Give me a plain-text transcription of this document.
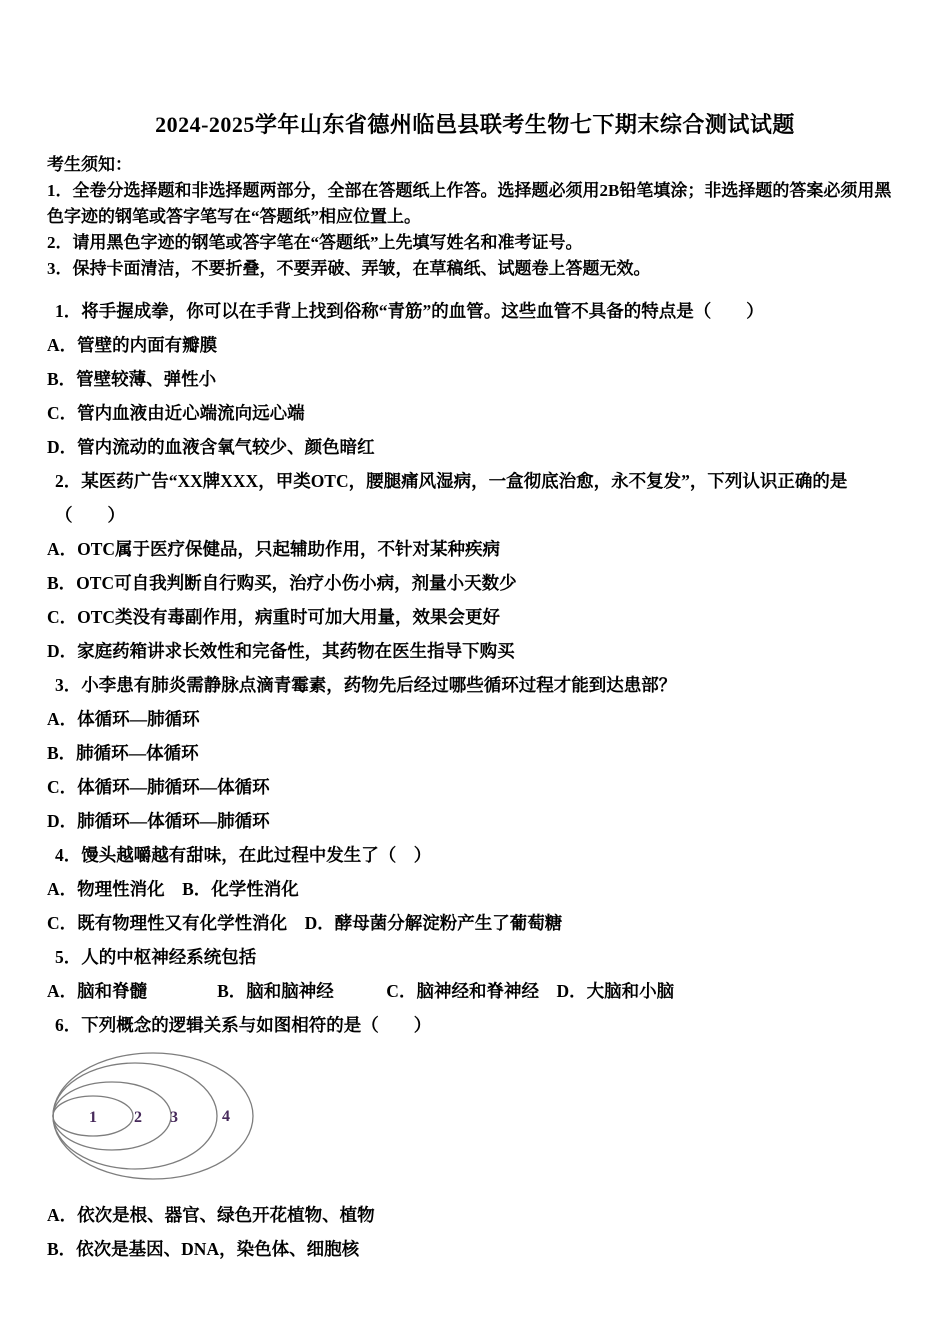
2024-2025学年山东省德州临邑县联考生物七下期末综合测试试题
考生须知：
1．全卷分选择题和非选择题两部分，全部在答题纸上作答。选择题必须用2B铅笔填涂；非选择题的答案必须用黑色字迹的钢笔或答字笔写在“答题纸”相应位置上。
2．请用黑色字迹的钢笔或答字笔在“答题纸”上先填写姓名和准考证号。
3．保持卡面清洁，不要折叠，不要弄破、弄皱，在草稿纸、试题卷上答题无效。
1．将手握成拳，你可以在手背上找到俗称“青筋”的血管。这些血管不具备的特点是（　　）
A．管壁的内面有瓣膜
B．管壁较薄、弹性小
C．管内血液由近心端流向远心端
D．管内流动的血液含氧气较少、颜色暗红
2．某医药广告“XX牌XXX，甲类OTC，腰腿痛风湿病，一盒彻底治愈，永不复发”，下列认识正确的是（　　）
A．OTC属于医疗保健品，只起辅助作用，不针对某种疾病
B．OTC可自我判断自行购买，治疗小伤小病，剂量小天数少
C．OTC类没有毒副作用，病重时可加大用量，效果会更好
D．家庭药箱讲求长效性和完备性，其药物在医生指导下购买
3．小李患有肺炎需静脉点滴青霉素，药物先后经过哪些循环过程才能到达患部？
A．体循环—肺循环
B．肺循环—体循环
C．体循环—肺循环—体循环
D．肺循环—体循环—肺循环
4．馒头越嚼越有甜味，在此过程中发生了（　）
A．物理性消化　B．化学性消化
C．既有物理性又有化学性消化　D．酵母菌分解淀粉产生了葡萄糖
5．人的中枢神经系统包括
A．脑和脊髓　　　　B．脑和脑神经　　　C．脑神经和脊神经　D．大脑和小脑
6．下列概念的逻辑关系与如图相符的是（　　）
1 2 3	4
A．依次是根、器官、绿色开花植物、植物
B．依次是基因、DNA，染色体、细胞核
